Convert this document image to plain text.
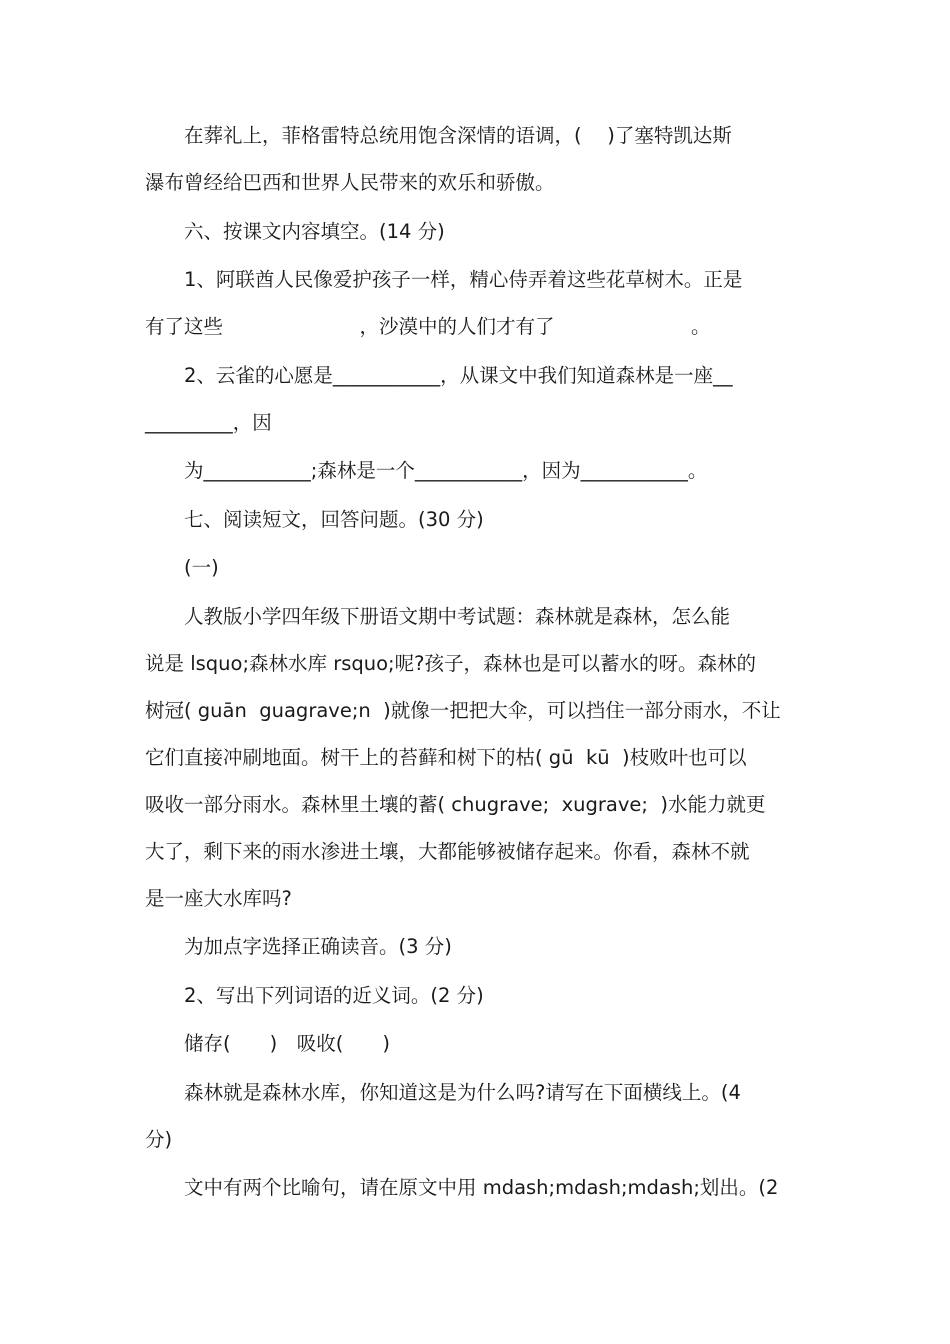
　　在葬礼上，菲格雷特总统用饱含深情的语调，(　 )了塞特凯达斯
瀑布曾经给巴西和世界人民带来的欢乐和骄傲。
　　六、按课文内容填空。(14 分)
　　1、阿联酋人民像爱护孩子一样，精心侍弄着这些花草树木。正是
有了这些　　　　　　　，沙漠中的人们才有了　　　　　　　。
　　2、云雀的心愿是___________，从课文中我们知道森林是一座__
_________，因
　　为___________;森林是一个___________，因为___________。
　　七、阅读短文，回答问题。(30 分)
　　(一)
　　人教版小学四年级下册语文期中考试题：森林就是森林，怎么能
说是 lsquo;森林水库 rsquo;呢?孩子，森林也是可以蓄水的呀。森林的
树冠( guān  guagrave;n  )就像一把把大伞，可以挡住一部分雨水，不让
它们直接冲刷地面。树干上的苔藓和树下的枯( gū  kū  )枝败叶也可以
吸收一部分雨水。森林里土壤的蓄( chugrave;  xugrave;  )水能力就更
大了，剩下来的雨水渗进土壤，大都能够被储存起来。你看，森林不就
是一座大水库吗?
　　为加点字选择正确读音。(3 分)
　　2、写出下列词语的近义词。(2 分)
　　储存(　　)　吸收(　　)
　　森林就是森林水库，你知道这是为什么吗?请写在下面横线上。(4
分)
　　文中有两个比喻句，请在原文中用 mdash;mdash;mdash;划出。(2
